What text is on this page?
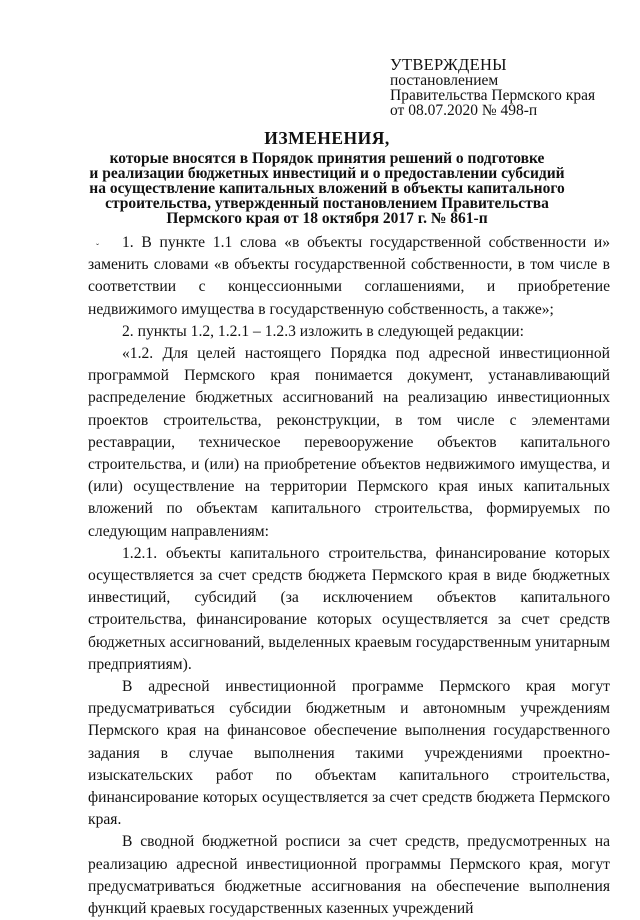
УТВЕРЖДЕНЫ
постановлением
Правительства Пермского края
от 08.07.2020 № 498-п
ИЗМЕНЕНИЯ,
которые вносятся в Порядок принятия решений о подготовке
и реализации бюджетных инвестиций и о предоставлении субсидий
на осуществление капитальных вложений в объекты капитального
строительства, утвержденный постановлением Правительства
Пермского края от 18 октября 2017 г. № 861-п
ˇ	1. В пункте 1.1 слова «в объекты государственной собственности и» заменить словами «в объекты государственной собственности, в том числе в соответствии с концессионными соглашениями, и приобретение недвижимого имущества в государственную собственность, а также»;

2. пункты 1.2, 1.2.1 – 1.2.3 изложить в следующей редакции:

«1.2. Для целей настоящего Порядка под адресной инвестиционной программой Пермского края понимается документ, устанавливающий распределение бюджетных ассигнований на реализацию инвестиционных проектов строительства, реконструкции, в том числе с элементами реставрации, техническое перевооружение объектов капитального строительства, и (или) на приобретение объектов недвижимого имущества, и (или) осуществление на территории Пермского края иных капитальных вложений по объектам капитального строительства, формируемых по следующим направлениям:

1.2.1. объекты капитального строительства, финансирование которых осуществляется за счет средств бюджета Пермского края в виде бюджетных инвестиций, субсидий (за исключением объектов капитального строительства, финансирование которых осуществляется за счет средств бюджетных ассигнований, выделенных краевым государственным унитарным предприятиям).

В адресной инвестиционной программе Пермского края могут предусматриваться субсидии бюджетным и автономным учреждениям Пермского края на финансовое обеспечение выполнения государственного задания в случае выполнения такими учреждениями проектно-изыскательских работ по объектам капитального строительства, финансирование которых осуществляется за счет средств бюджета Пермского края.

В сводной бюджетной росписи за счет средств, предусмотренных на реализацию адресной инвестиционной программы Пермского края, могут предусматриваться бюджетные ассигнования на обеспечение выполнения функций краевых государственных казенных учреждений
